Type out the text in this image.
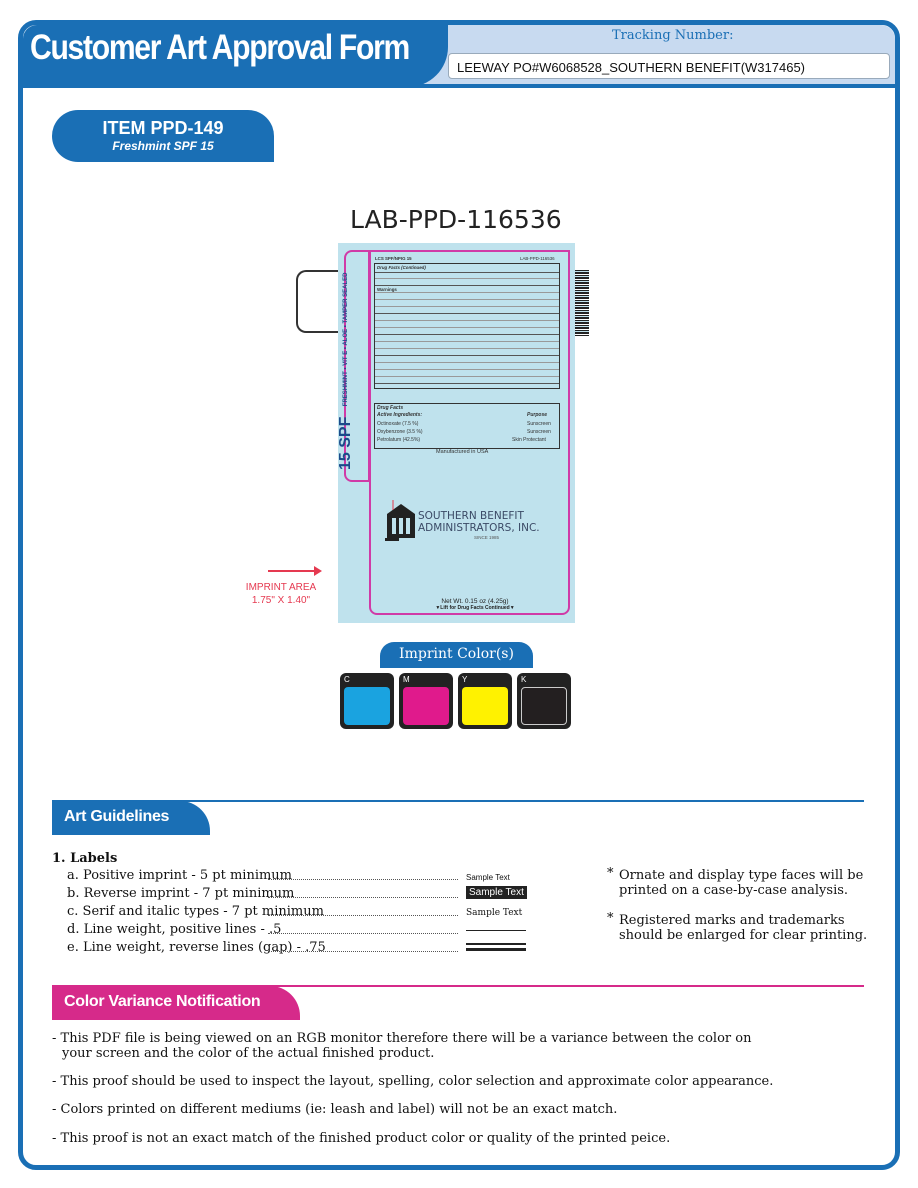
Customer Art Approval Form	Tracking Number:
LEEWAY PO#W6068528_SOUTHERN BENEFIT(W317465)
ITEM PPD-149
Freshmint SPF 15
LAB-PPD-116536
15 SPF FRESHMINT • VIT E • ALOE • TAMPER SEALED
LCS SPF/NPIG 15	LAB-PPD-116536
Drug Facts (Continued)
Warnings
Drug Facts
Active Ingredients:	Purpose
Octinoxate (7.5 %)	Sunscreen
Oxybenzone (3.5 %)	Sunscreen
Petrolatum (42.5%)	Skin Protectant
Manufactured in USA
SOUTHERN BENEFIT
ADMINISTRATORS, INC.
SINCE 1985
Net Wt. 0.15 oz (4.25g)
▼Lift for Drug Facts Continued▼
IMPRINT AREA
1.75" X 1.40"
Imprint Color(s)
C	M	Y	K
Art Guidelines
1. Labels
a. Positive imprint - 5 pt minimum	Sample Text
b. Reverse imprint - 7 pt minimum	Sample Text
c. Serif and italic types - 7 pt minimum	Sample Text
d. Line weight, positive lines - .5
e. Line weight, reverse lines (gap) - .75
* Ornate and display type faces will be printed on a case-by-case analysis.
* Registered marks and trademarks should be enlarged for clear printing.
Color Variance Notification
- This PDF file is being viewed on an RGB monitor therefore there will be a variance between the color on
your screen and the color of the actual finished product.
- This proof should be used to inspect the layout, spelling, color selection and approximate color appearance.
- Colors printed on different mediums (ie: leash and label) will not be an exact match.
- This proof is not an exact match of the finished product color or quality of the printed peice.
